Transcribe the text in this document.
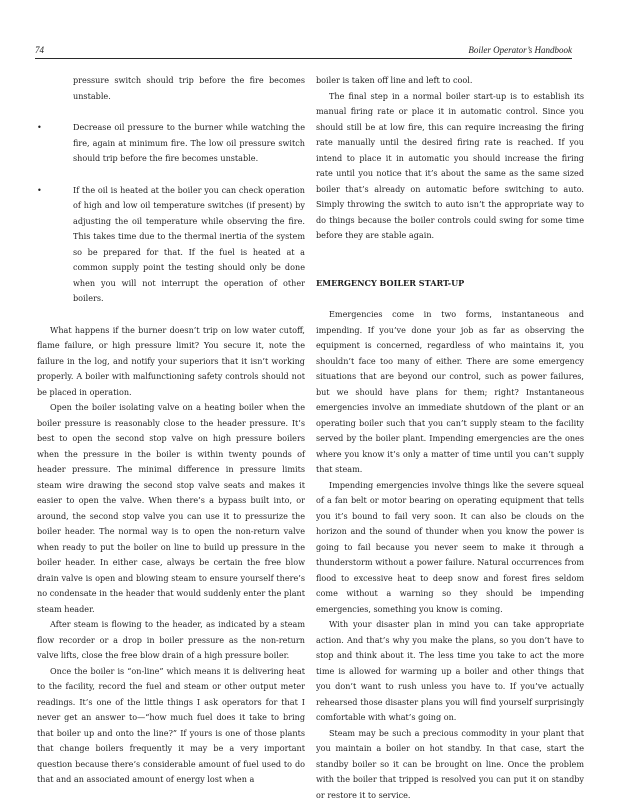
74	Boiler Operator’s Handbook

pressure switch should trip before the fire becomes unstable.

•	Decrease oil pressure to the burner while watching the fire, again at minimum fire. The low oil pressure switch should trip before the fire becomes unstable.

•	If the oil is heated at the boiler you can check operation of high and low oil temperature switches (if present) by adjusting the oil temperature while observing the fire. This takes time due to the thermal inertia of the system so be prepared for that. If the fuel is heated at a common supply point the testing should only be done when you will not interrupt the operation of other boilers.

What happens if the burner doesn’t trip on low water cutoff, flame failure, or high pressure limit? You secure it, note the failure in the log, and notify your superiors that it isn’t working properly. A boiler with malfunctioning safety controls should not be placed in operation.

Open the boiler isolating valve on a heating boiler when the boiler pressure is reasonably close to the header pressure. It’s best to open the second stop valve on high pressure boilers when the pressure in the boiler is within twenty pounds of header pressure. The minimal difference in pressure limits steam wire drawing the second stop valve seats and makes it easier to open the valve. When there’s a bypass built into, or around, the second stop valve you can use it to pressurize the boiler header. The normal way is to open the non-return valve when ready to put the boiler on line to build up pressure in the boiler header. In either case, always be certain the free blow drain valve is open and blowing steam to ensure yourself there’s no condensate in the header that would suddenly enter the plant steam header.

After steam is flowing to the header, as indicated by a steam flow recorder or a drop in boiler pressure as the non-return valve lifts, close the free blow drain of a high pressure boiler.

Once the boiler is “on-line” which means it is delivering heat to the facility, record the fuel and steam or other output meter readings. It’s one of the little things I ask operators for that I never get an answer to—“how much fuel does it take to bring that boiler up and onto the line?” If yours is one of those plants that change boilers frequently it may be a very important question because there’s considerable amount of fuel used to do that and an associated amount of energy lost when a

boiler is taken off line and left to cool.

The final step in a normal boiler start-up is to establish its manual firing rate or place it in automatic control. Since you should still be at low fire, this can require increasing the firing rate manually until the desired firing rate is reached. If you intend to place it in automatic you should increase the firing rate until you notice that it’s about the same as the same sized boiler that’s already on automatic before switching to auto. Simply throwing the switch to auto isn’t the appropriate way to do things because the boiler controls could swing for some time before they are stable again.

EMERGENCY BOILER START-UP

Emergencies come in two forms, instantaneous and impending. If you’ve done your job as far as observing the equipment is concerned, regardless of who maintains it, you shouldn’t face too many of either. There are some emergency situations that are beyond our control, such as power failures, but we should have plans for them; right? Instantaneous emergencies involve an immediate shutdown of the plant or an operating boiler such that you can’t supply steam to the facility served by the boiler plant. Impending emergencies are the ones where you know it’s only a matter of time until you can’t supply that steam.

Impending emergencies involve things like the severe squeal of a fan belt or motor bearing on operating equipment that tells you it’s bound to fail very soon. It can also be clouds on the horizon and the sound of thunder when you know the power is going to fail because you never seem to make it through a thunderstorm without a power failure. Natural occurrences from flood to excessive heat to deep snow and forest fires seldom come without a warning so they should be impending emergencies, something you know is coming.

With your disaster plan in mind you can take appropriate action. And that’s why you make the plans, so you don’t have to stop and think about it. The less time you take to act the more time is allowed for warming up a boiler and other things that you don’t want to rush unless you have to. If you’ve actually rehearsed those disaster plans you will find yourself surprisingly comfortable with what’s going on.

Steam may be such a precious commodity in your plant that you maintain a boiler on hot standby. In that case, start the standby boiler so it can be brought on line. Once the problem with the boiler that tripped is resolved you can put it on standby or restore it to service.
